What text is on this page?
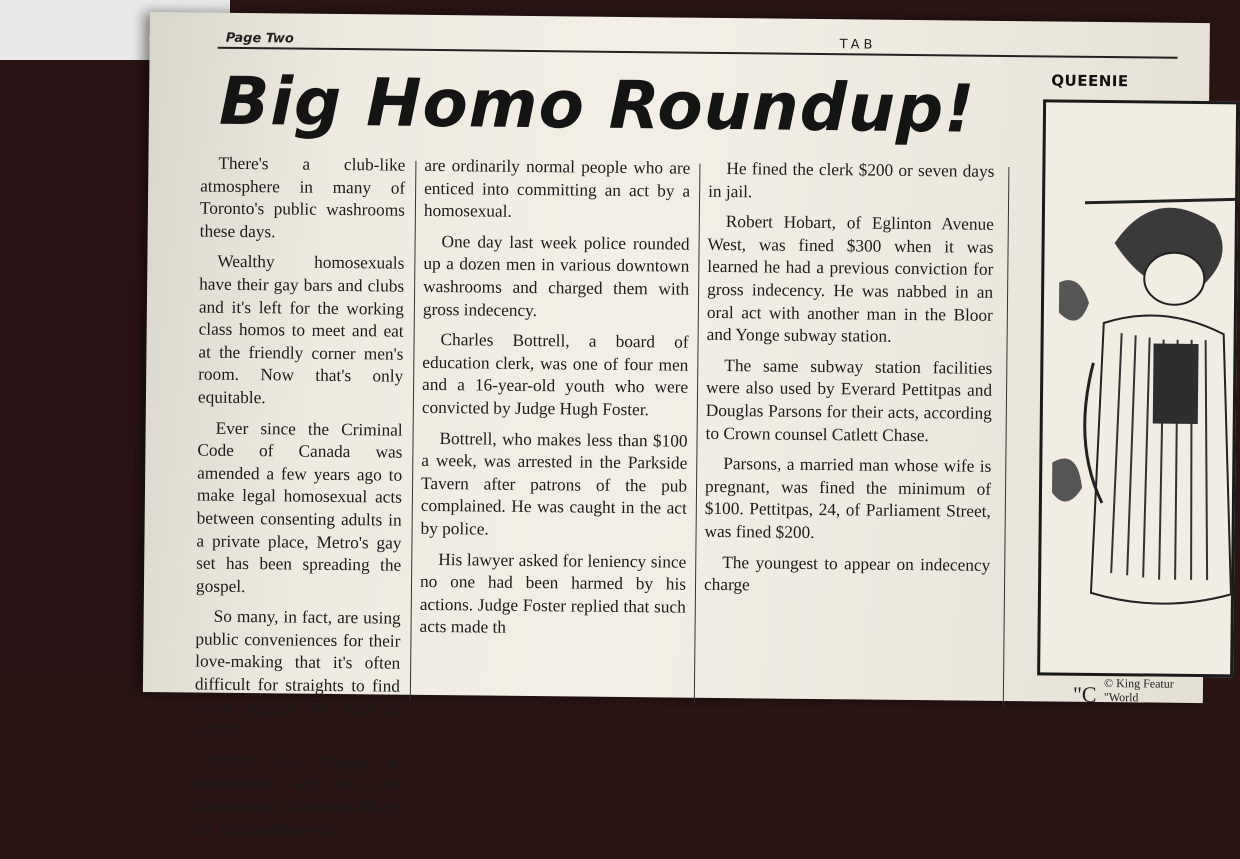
Page Two	TAB
Big Homo Roundup!

There's a club-like atmosphere in many of Toronto's public washrooms these days.

Wealthy homosexuals have their gay bars and clubs and it's left for the working class homos to meet and eat at the friendly corner men's room. Now that's only equitable.

Ever since the Criminal Code of Canada was amended a few years ago to make legal homosexual acts between consenting adults in a private place, Metro's gay set has been spreading the gospel.

So many, in fact, are using public conveniences for their love-making that it's often difficult for straights to find room against the wall to urinate.

Many who engage in homosexual acts are not homosexual, of course. Many are thrill-seekers wh

are ordinarily normal people who are enticed into committing an act by a homosexual.

One day last week police rounded up a dozen men in various downtown washrooms and charged them with gross indecency.

Charles Bottrell, a board of education clerk, was one of four men and a 16-year-old youth who were convicted by Judge Hugh Foster.

Bottrell, who makes less than $100 a week, was arrested in the Parkside Tavern after patrons of the pub complained. He was caught in the act by police.

His lawyer asked for leniency since no one had been harmed by his actions. Judge Foster replied that such acts made th

He fined the clerk $200 or seven days in jail.

Robert Hobart, of Eglinton Avenue West, was fined $300 when it was learned he had a previous conviction for gross indecency. He was nabbed in an oral act with another man in the Bloor and Yonge subway station.

The same subway station facilities were also used by Everard Pettitpas and Douglas Parsons for their acts, according to Crown counsel Catlett Chase.

Parsons, a married man whose wife is pregnant, was fined the minimum of $100. Pettitpas, 24, of Parliament Street, was fined $200.

The youngest to appear on indecency charge

QUEENIE
© King Featur
"World
"C
